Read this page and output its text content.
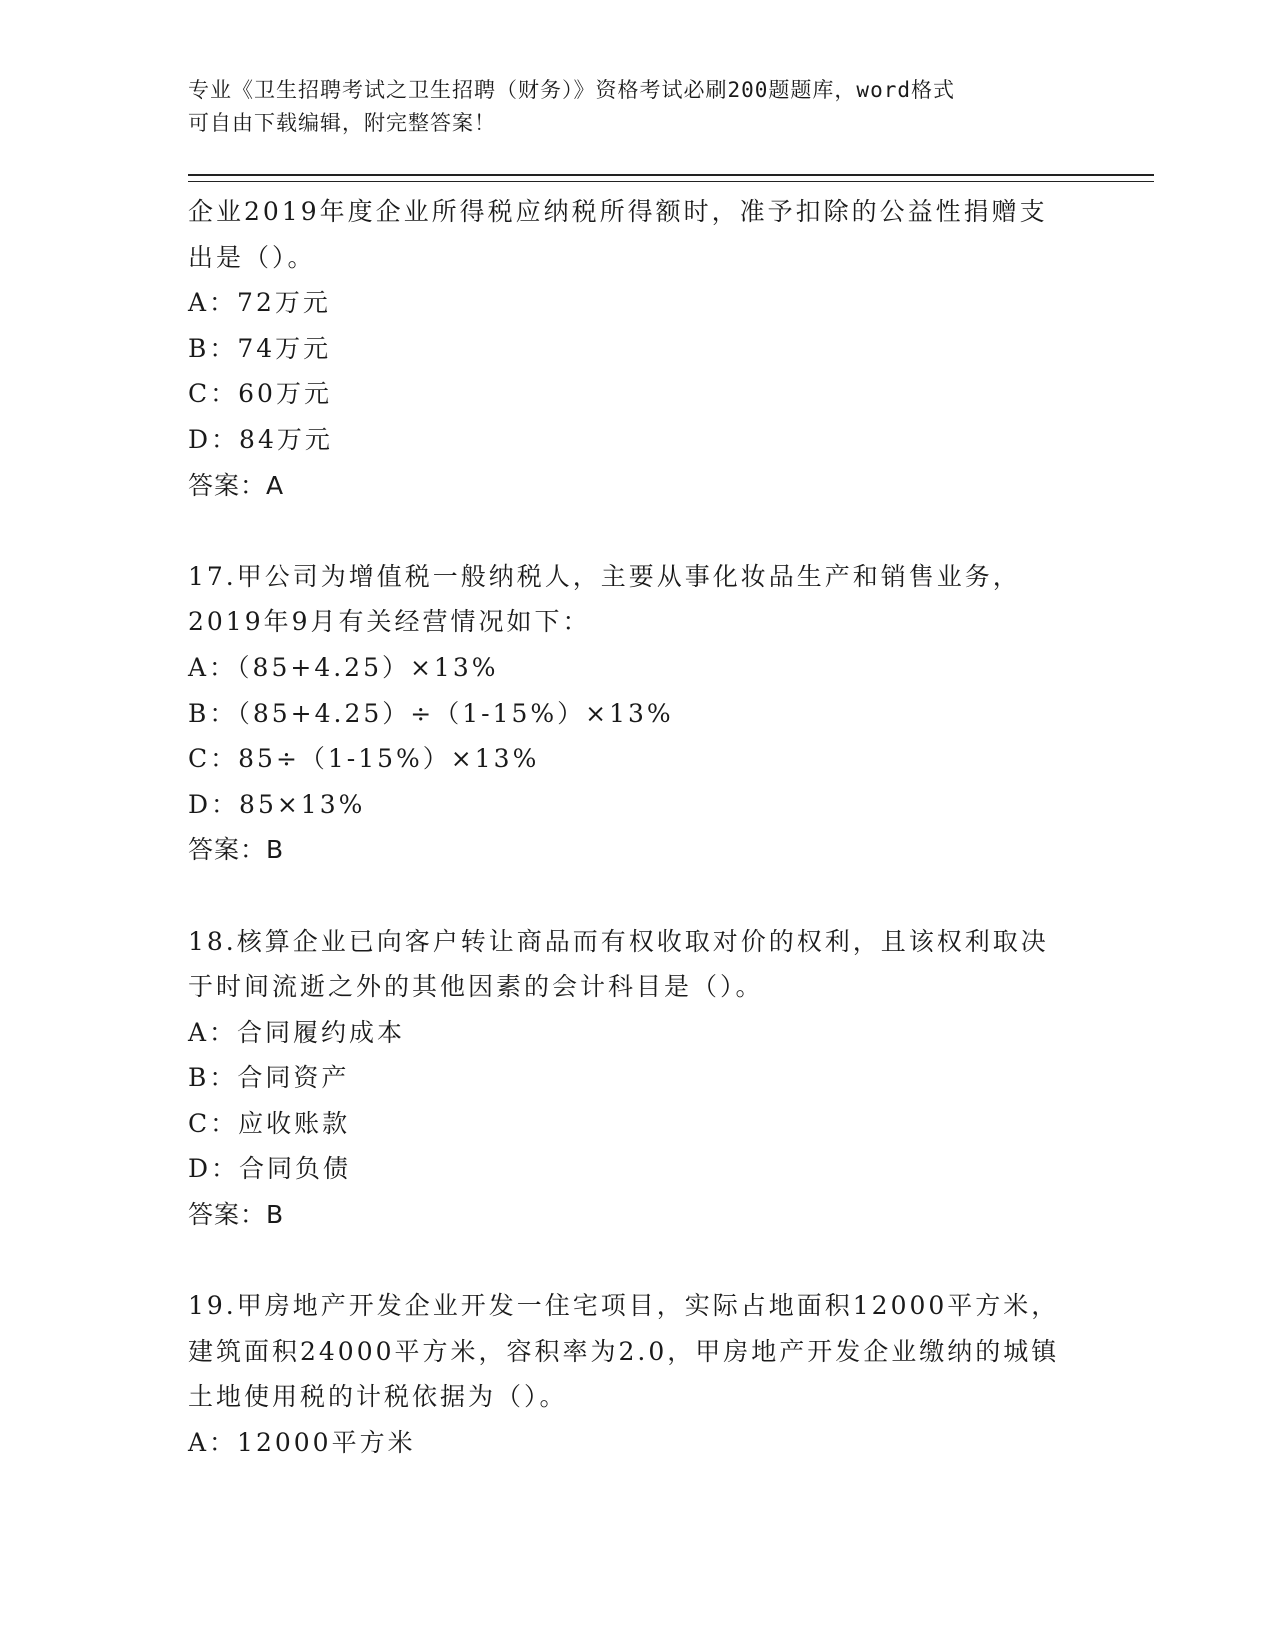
专业《卫生招聘考试之卫生招聘（财务）》资格考试必刷200题题库，word格式
可自由下载编辑，附完整答案！
企业2019年度企业所得税应纳税所得额时，准予扣除的公益性捐赠支
出是（）。
A：72万元
B：74万元
C：60万元
D：84万元
答案：A
17.甲公司为增值税一般纳税人，主要从事化妆品生产和销售业务，
2019年9月有关经营情况如下：
A：（85+4.25）×13%
B：（85+4.25）÷（1-15%）×13%
C：85÷（1-15%）×13%
D：85×13%
答案：B
18.核算企业已向客户转让商品而有权收取对价的权利，且该权利取决
于时间流逝之外的其他因素的会计科目是（）。
A：合同履约成本
B：合同资产
C：应收账款
D：合同负债
答案：B
19.甲房地产开发企业开发一住宅项目，实际占地面积12000平方米，
建筑面积24000平方米，容积率为2.0，甲房地产开发企业缴纳的城镇
土地使用税的计税依据为（）。
A：12000平方米
